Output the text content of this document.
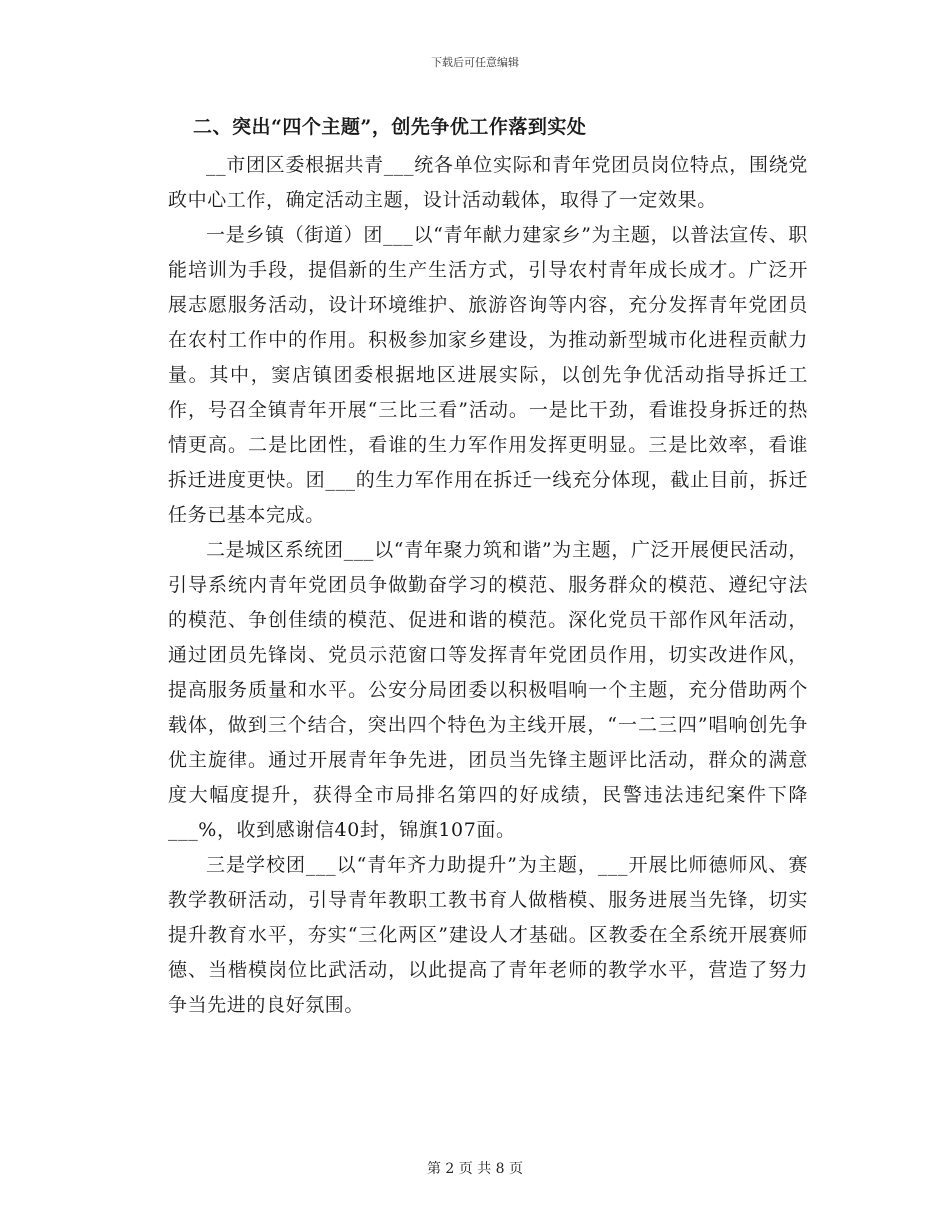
下载后可任意编辑
二、突出“四个主题”，创先争优工作落到实处

__市团区委根据共青___统各单位实际和青年党团员岗位特点，围绕党政中心工作，确定活动主题，设计活动载体，取得了一定效果。

一是乡镇（街道）团___以“青年献力建家乡”为主题，以普法宣传、职能培训为手段，提倡新的生产生活方式，引导农村青年成长成才。广泛开展志愿服务活动，设计环境维护、旅游咨询等内容，充分发挥青年党团员在农村工作中的作用。积极参加家乡建设，为推动新型城市化进程贡献力量。其中，窦店镇团委根据地区进展实际，以创先争优活动指导拆迁工作，号召全镇青年开展“三比三看”活动。一是比干劲，看谁投身拆迁的热情更高。二是比团性，看谁的生力军作用发挥更明显。三是比效率，看谁拆迁进度更快。团___的生力军作用在拆迁一线充分体现，截止目前，拆迁任务已基本完成。

二是城区系统团___以“青年聚力筑和谐”为主题，广泛开展便民活动，引导系统内青年党团员争做勤奋学习的模范、服务群众的模范、遵纪守法的模范、争创佳绩的模范、促进和谐的模范。深化党员干部作风年活动，通过团员先锋岗、党员示范窗口等发挥青年党团员作用，切实改进作风，提高服务质量和水平。公安分局团委以积极唱响一个主题，充分借助两个载体，做到三个结合，突出四个特色为主线开展，“一二三四”唱响创先争优主旋律。通过开展青年争先进，团员当先锋主题评比活动，群众的满意度大幅度提升，获得全市局排名第四的好成绩，民警违法违纪案件下降___%，收到感谢信40封，锦旗107面。

三是学校团___以“青年齐力助提升”为主题，___开展比师德师风、赛教学教研活动，引导青年教职工教书育人做楷模、服务进展当先锋，切实提升教育水平，夯实“三化两区”建设人才基础。区教委在全系统开展赛师德、当楷模岗位比武活动，以此提高了青年老师的教学水平，营造了努力争当先进的良好氛围。

第 2 页 共 8 页
